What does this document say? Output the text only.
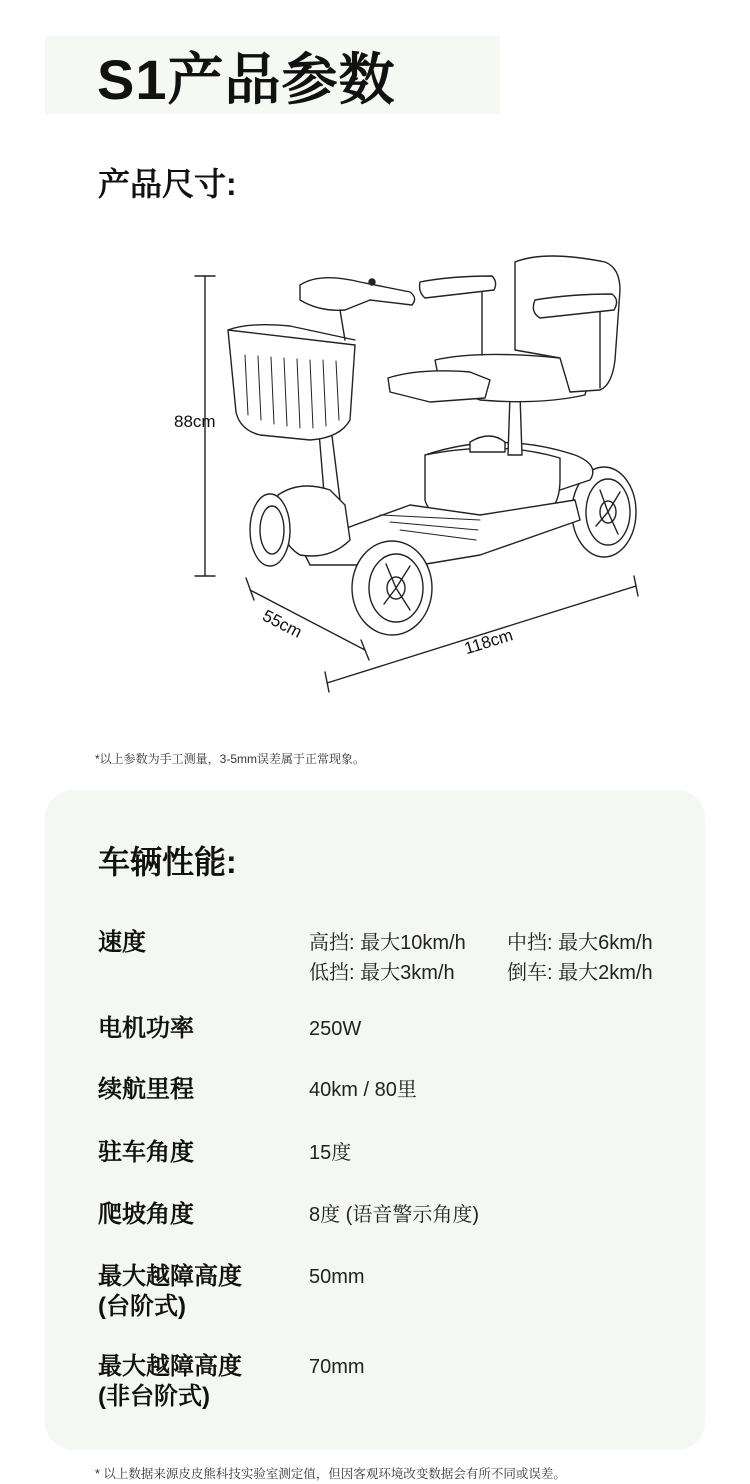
S1产品参数
产品尺寸:
88cm
55cm
118cm
*以上参数为手工测量，3-5mm误差属于正常现象。
车辆性能:
速度	高挡: 最大10km/h 中挡: 最大6km/h
低挡: 最大3km/h	倒车: 最大2km/h
电机功率	250W
续航里程	40km / 80里
驻车角度	15度
爬坡角度	8度 (语音警示角度)
最大越障高度
(台阶式)
50mm
最大越障高度
(非台阶式)
70mm
* 以上数据来源皮皮熊科技实验室测定值，但因客观环境改变数据会有所不同或误差。
